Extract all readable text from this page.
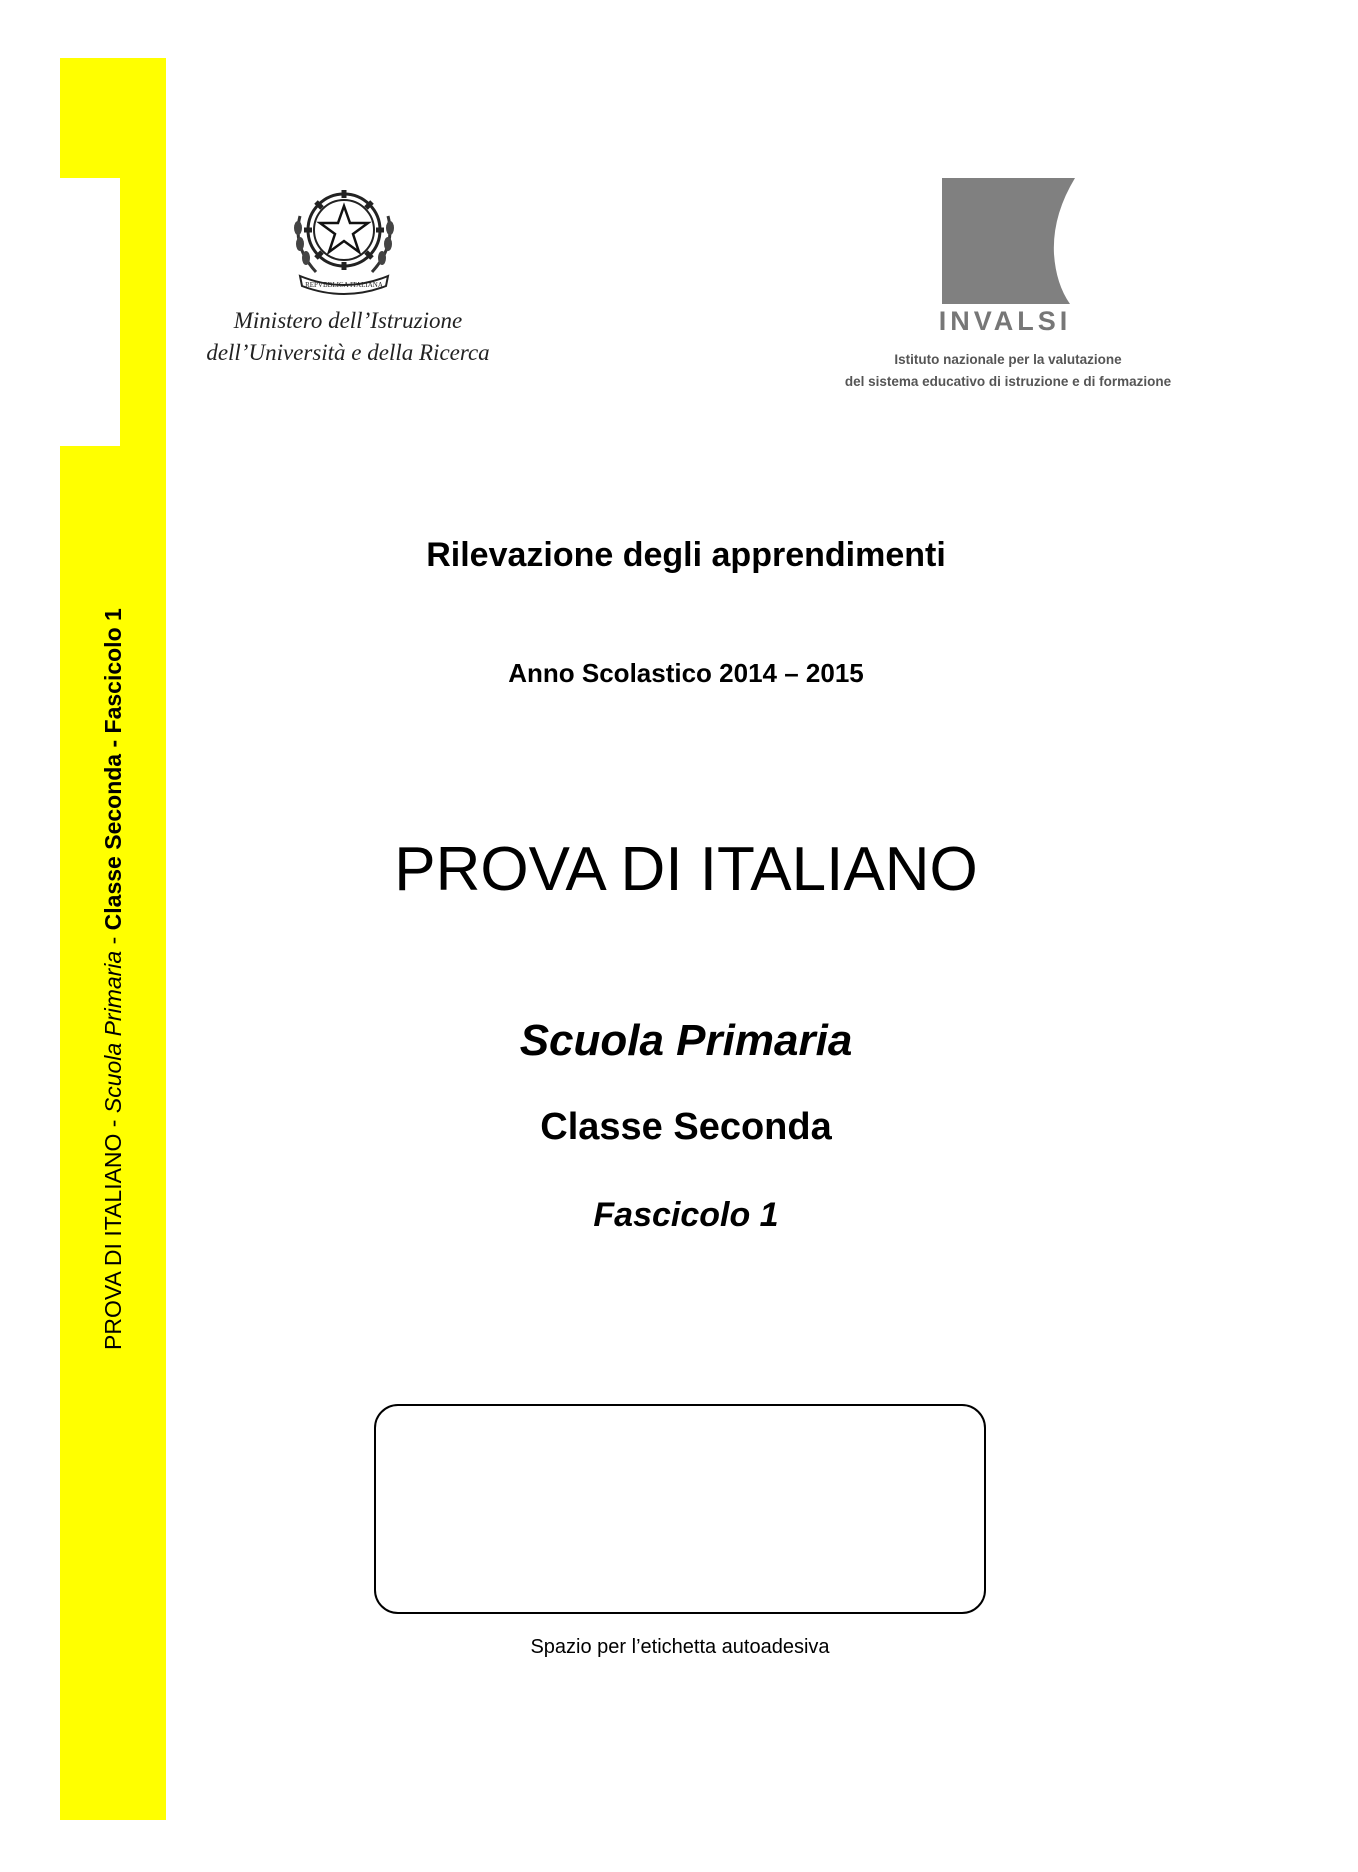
PROVA DI ITALIANO - Scuola Primaria - Classe Seconda - Fascicolo 1
REPVBBLICA ITALIANA
Ministero dell’Istruzione
dell’Università e della Ricerca
INVALSI
Istituto nazionale per la valutazione
del sistema educativo di istruzione e di formazione
Rilevazione degli apprendimenti
Anno Scolastico 2014 – 2015
PROVA DI ITALIANO
Scuola Primaria
Classe Seconda
Fascicolo 1
Spazio per l’etichetta autoadesiva
